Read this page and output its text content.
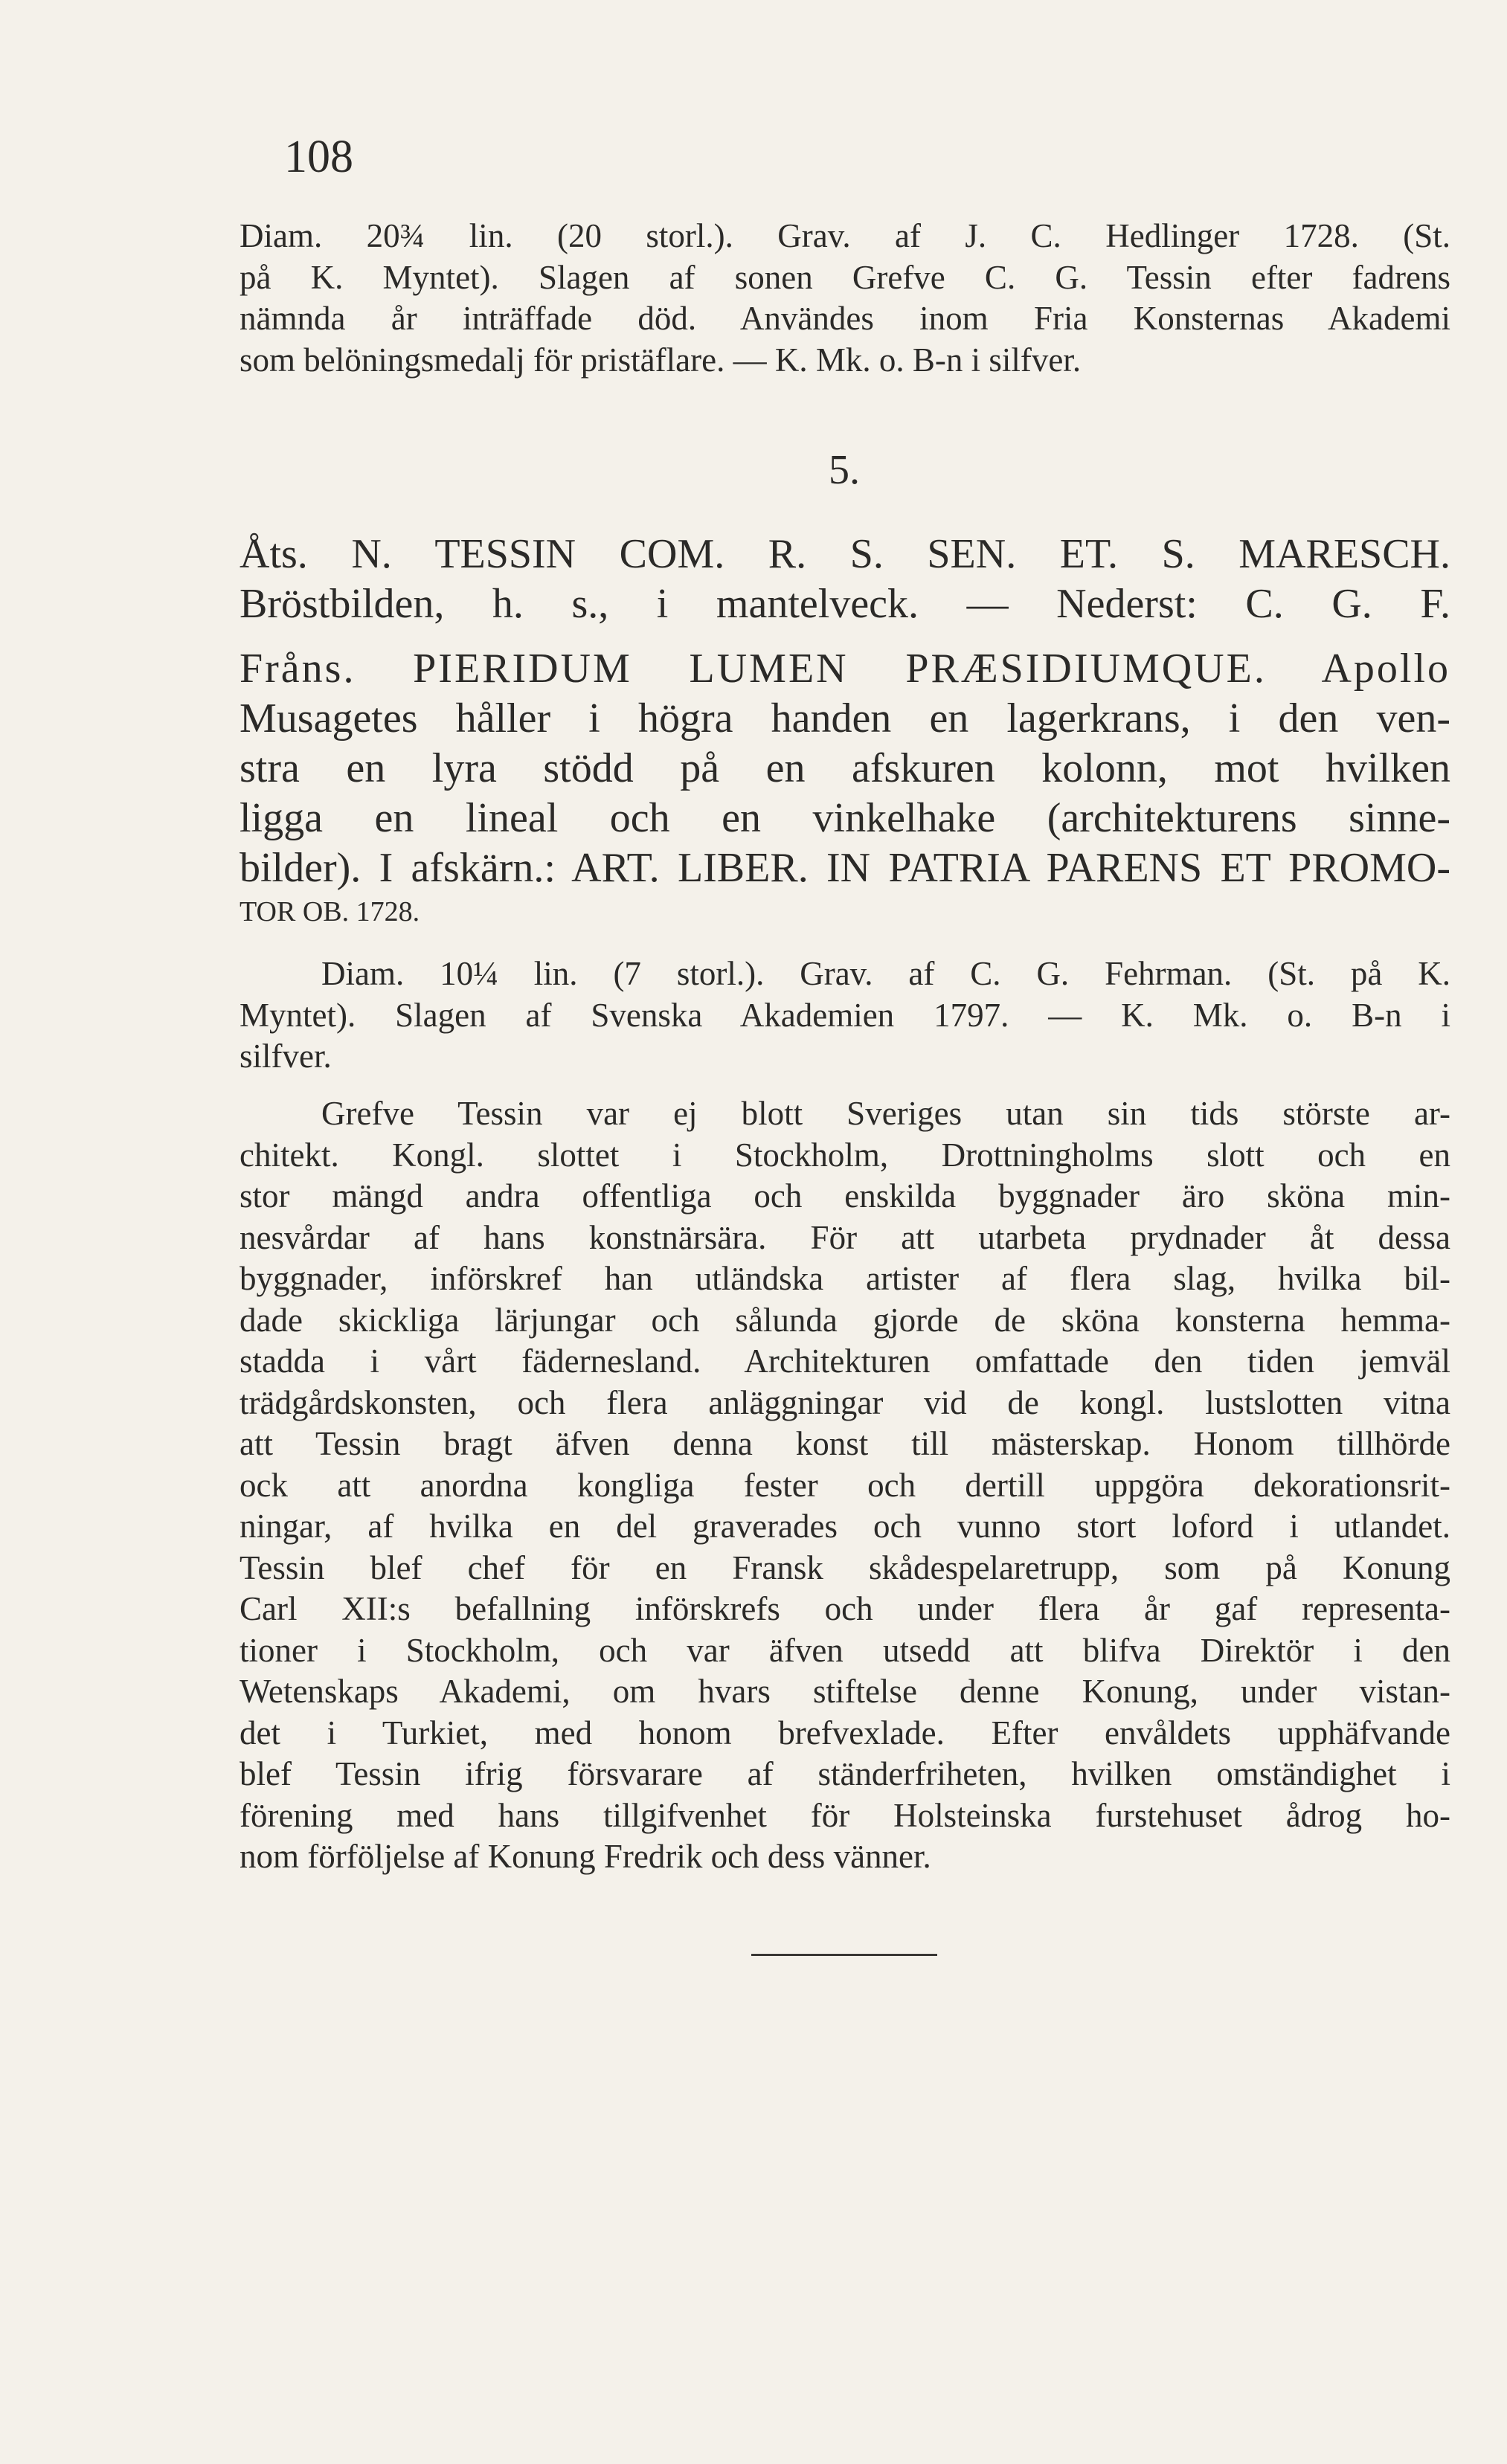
108
Diam. 20¾ lin. (20 storl.). Grav. af J. C. Hedlinger 1728. (St.
på K. Myntet). Slagen af sonen Grefve C. G. Tessin efter fadrens
nämnda år inträffade död. Användes inom Fria Konsternas Akademi
som belöningsmedalj för pristäflare. — K. Mk. o. B-n i silfver.
5.
Åts. N. TESSIN COM. R. S. SEN. ET. S. MARESCH.
Bröstbilden, h. s., i mantelveck. — Nederst: C. G. F.
Fråns. PIERIDUM LUMEN PRÆSIDIUMQUE. Apollo
Musagetes håller i högra handen en lagerkrans, i den ven-
stra en lyra stödd på en afskuren kolonn, mot hvilken
ligga en lineal och en vinkelhake (architekturens sinne-
bilder). I afskärn.: ART. LIBER. IN PATRIA PARENS ET PROMO-
TOR OB. 1728.
Diam. 10¼ lin. (7 storl.). Grav. af C. G. Fehrman. (St. på K.
Myntet). Slagen af Svenska Akademien 1797. — K. Mk. o. B-n i
silfver.
Grefve Tessin var ej blott Sveriges utan sin tids störste ar-
chitekt. Kongl. slottet i Stockholm, Drottningholms slott och en
stor mängd andra offentliga och enskilda byggnader äro sköna min-
nesvårdar af hans konstnärsära. För att utarbeta prydnader åt dessa
byggnader, införskref han utländska artister af flera slag, hvilka bil-
dade skickliga lärjungar och sålunda gjorde de sköna konsterna hemma-
stadda i vårt fädernesland. Architekturen omfattade den tiden jemväl
trädgårdskonsten, och flera anläggningar vid de kongl. lustslotten vitna
att Tessin bragt äfven denna konst till mästerskap. Honom tillhörde
ock att anordna kongliga fester och dertill uppgöra dekorationsrit-
ningar, af hvilka en del graverades och vunno stort loford i utlandet.
Tessin blef chef för en Fransk skådespelaretrupp, som på Konung
Carl XII:s befallning införskrefs och under flera år gaf representa-
tioner i Stockholm, och var äfven utsedd att blifva Direktör i den
Wetenskaps Akademi, om hvars stiftelse denne Konung, under vistan-
det i Turkiet, med honom brefvexlade. Efter envåldets upphäfvande
blef Tessin ifrig försvarare af ständerfriheten, hvilken omständighet i
förening med hans tillgifvenhet för Holsteinska furstehuset ådrog ho-
nom förföljelse af Konung Fredrik och dess vänner.
